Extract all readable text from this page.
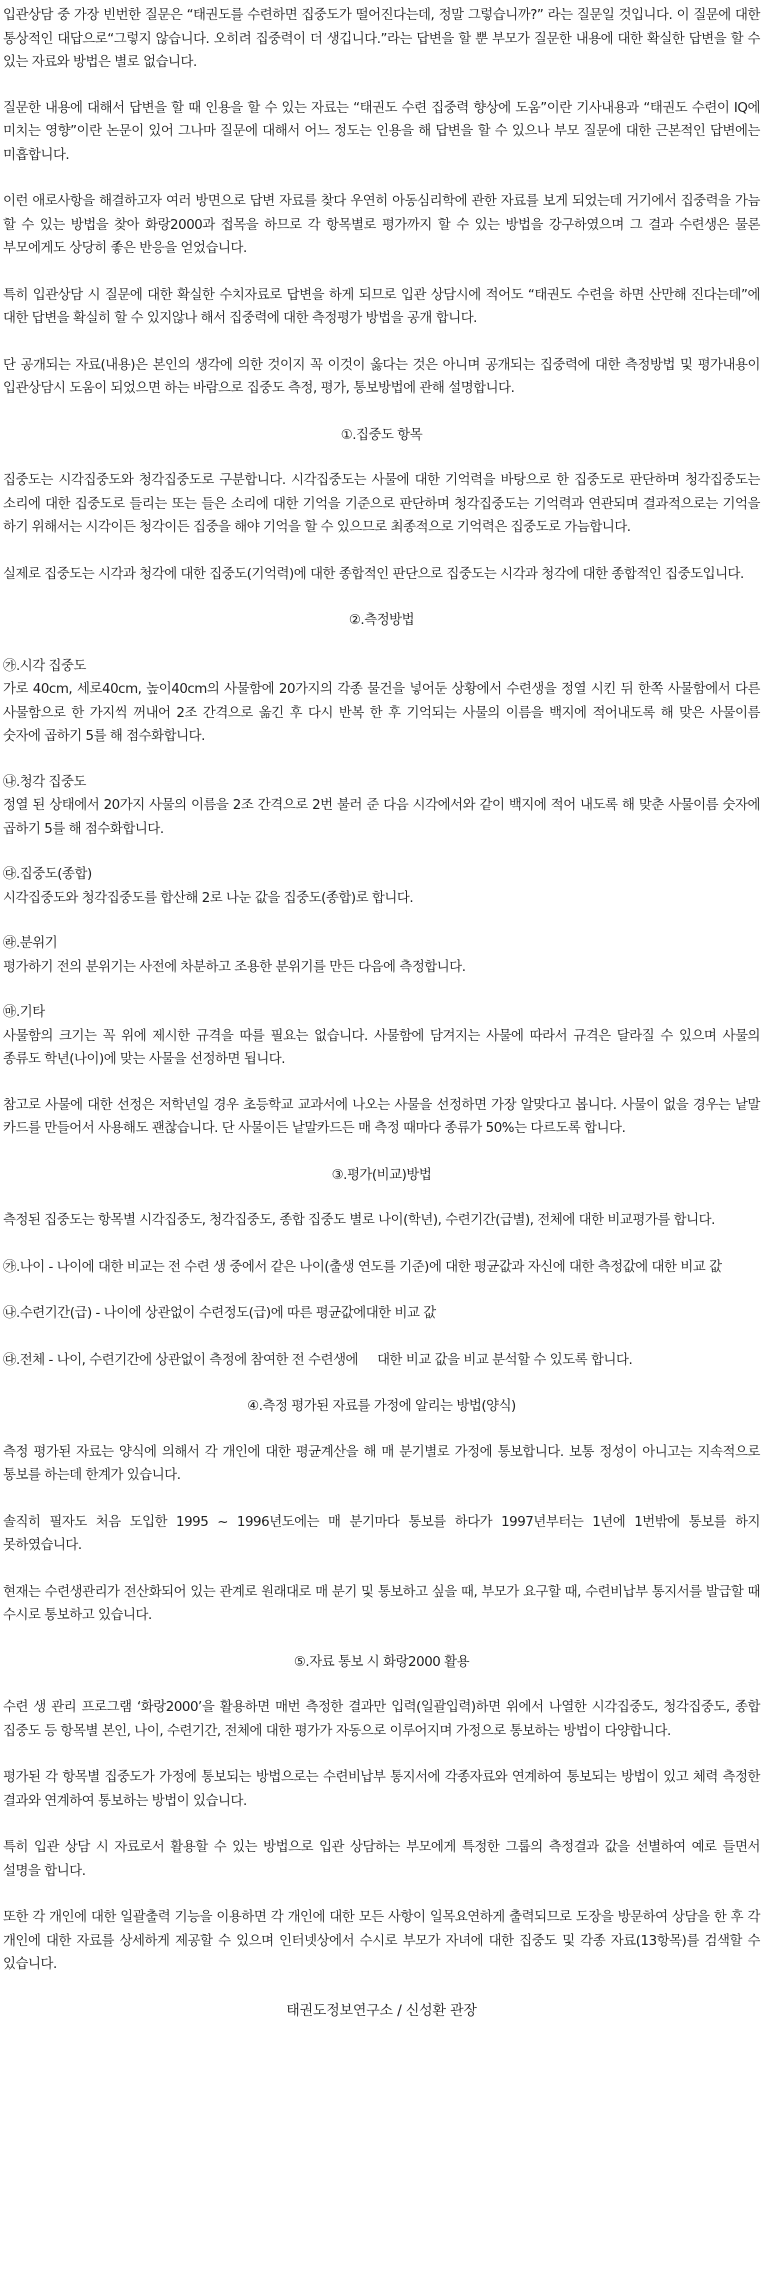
입관상담 중 가장 빈번한 질문은 “태권도를 수련하면 집중도가 떨어진다는데, 정말 그렇습니까?” 라는 질문일 것입니다. 이 질문에 대한 통상적인 대답으로“그렇지 않습니다. 오히려 집중력이 더 생깁니다.”라는 답변을 할 뿐 부모가 질문한 내용에 대한 확실한 답변을 할 수 있는 자료와 방법은 별로 없습니다.

질문한 내용에 대해서 답변을 할 때 인용을 할 수 있는 자료는 “태권도 수련 집중력 향상에 도움”이란 기사내용과 “태권도 수련이 IQ에 미치는 영향”이란 논문이 있어 그나마 질문에 대해서 어느 정도는 인용을 해 답변을 할 수 있으나 부모 질문에 대한 근본적인 답변에는 미흡합니다.

이런 애로사항을 해결하고자 여러 방면으로 답변 자료를 찾다 우연히 아동심리학에 관한 자료를 보게 되었는데 거기에서 집중력을 가늠 할 수 있는 방법을 찾아 화랑2000과 접목을 하므로 각 항목별로 평가까지 할 수 있는 방법을 강구하였으며 그 결과 수련생은 물론 부모에게도 상당히 좋은 반응을 얻었습니다.

특히 입관상담 시 질문에 대한 확실한 수치자료로 답변을 하게 되므로 입관 상담시에 적어도 “태권도 수련을 하면 산만해 진다는데”에 대한 답변을 확실히 할 수 있지않나 해서 집중력에 대한 측정평가 방법을 공개 합니다.

단 공개되는 자료(내용)은 본인의 생각에 의한 것이지 꼭 이것이 옳다는 것은 아니며 공개되는 집중력에 대한 측정방법 및 평가내용이 입관상담시 도움이 되었으면 하는 바람으로 집중도 측정, 평가, 통보방법에 관해 설명합니다.

①.집중도 항목

집중도는 시각집중도와 청각집중도로 구분합니다. 시각집중도는 사물에 대한 기억력을 바탕으로 한 집중도로 판단하며 청각집중도는 소리에 대한 집중도로 들리는 또는 들은 소리에 대한 기억을 기준으로 판단하며 청각집중도는 기억력과 연관되며 결과적으로는 기억을 하기 위해서는 시각이든 청각이든 집중을 해야 기억을 할 수 있으므로 최종적으로 기억력은 집중도로 가늠합니다.

실제로 집중도는 시각과 청각에 대한 집중도(기억력)에 대한 종합적인 판단으로 집중도는 시각과 청각에 대한 종합적인 집중도입니다.

②.측정방법
㉮.시각 집중도
가로 40cm, 세로40cm, 높이40cm의 사물함에 20가지의 각종 물건을 넣어둔 상황에서 수련생을 정열 시킨 뒤 한쪽 사물함에서 다른 사물함으로 한 가지씩 꺼내어 2조 간격으로 옮긴 후 다시 반복 한 후 기억되는 사물의 이름을 백지에 적어내도록 해 맞은 사물이름 숫자에 곱하기 5를 해 점수화합니다.
㉯.청각 집중도
정열 된 상태에서 20가지 사물의 이름을 2조 간격으로 2번 불러 준 다음 시각에서와 같이 백지에 적어 내도록 해 맞춘 사물이름 숫자에 곱하기 5를 해 점수화합니다.
㉰.집중도(종합)
시각집중도와 청각집중도를 합산해 2로 나눈 값을 집중도(종합)로 합니다.
㉱.분위기
평가하기 전의 분위기는 사전에 차분하고 조용한 분위기를 만든 다음에 측정합니다.
㉲.기타
사물함의 크기는 꼭 위에 제시한 규격을 따를 필요는 없습니다. 사물함에 담겨지는 사물에 따라서 규격은 달라질 수 있으며 사물의 종류도 학년(나이)에 맞는 사물을 선정하면 됩니다.

참고로 사물에 대한 선정은 저학년일 경우 초등학교 교과서에 나오는 사물을 선정하면 가장 알맞다고 봅니다. 사물이 없을 경우는 낱말 카드를 만들어서 사용해도 괜찮습니다. 단 사물이든 낱말카드든 매 측정 때마다 종류가 50%는 다르도록 합니다.

③.평가(비교)방법

측정된 집중도는 항목별 시각집중도, 청각집중도, 종합 집중도 별로 나이(학년), 수련기간(급별), 전체에 대한 비교평가를 합니다.

㉮.나이 - 나이에 대한 비교는 전 수련 생 중에서 같은 나이(출생 연도를 기준)에 대한 평균값과 자신에 대한 측정값에 대한 비교 값

㉯.수련기간(급) - 나이에 상관없이 수련정도(급)에 따른 평균값에대한 비교 값

㉰.전체 - 나이, 수련기간에 상관없이 측정에 참여한 전 수련생에     대한 비교 값을 비교 분석할 수 있도록 합니다.

④.측정 평가된 자료를 가정에 알리는 방법(양식)

측정 평가된 자료는 양식에 의해서 각 개인에 대한 평균계산을 해 매 분기별로 가정에 통보합니다. 보통 정성이 아니고는 지속적으로 통보를 하는데 한계가 있습니다.

솔직히 필자도 처음 도입한 1995 ~ 1996년도에는 매 분기마다 통보를 하다가 1997년부터는 1년에 1번밖에 통보를 하지 못하였습니다.

현재는 수련생관리가 전산화되어 있는 관계로 원래대로 매 분기 및 통보하고 싶을 때, 부모가 요구할 때, 수련비납부 통지서를 발급할 때 수시로 통보하고 있습니다.

⑤.자료 통보 시 화랑2000 활용

수련 생 관리 프로그램 ‘화랑2000’을 활용하면 매번 측정한 결과만 입력(일괄입력)하면 위에서 나열한 시각집중도, 청각집중도, 종합 집중도 등 항목별 본인, 나이, 수련기간, 전체에 대한 평가가 자동으로 이루어지며 가정으로 통보하는 방법이 다양합니다.

평가된 각 항목별 집중도가 가정에 통보되는 방법으로는 수련비납부 통지서에 각종자료와 연계하여 통보되는 방법이 있고 체력 측정한 결과와 연계하여 통보하는 방법이 있습니다.

특히 입관 상담 시 자료로서 활용할 수 있는 방법으로 입관 상담하는 부모에게 특정한 그룹의 측정결과 값을 선별하여 예로 들면서 설명을 합니다.

또한 각 개인에 대한 일괄출력 기능을 이용하면 각 개인에 대한 모든 사항이 일목요연하게 출력되므로 도장을 방문하여 상담을 한 후 각 개인에 대한 자료를 상세하게 제공할 수 있으며 인터넷상에서 수시로 부모가 자녀에 대한 집중도 및 각종 자료(13항목)를 검색할 수 있습니다.

태권도정보연구소 / 신성환 관장
